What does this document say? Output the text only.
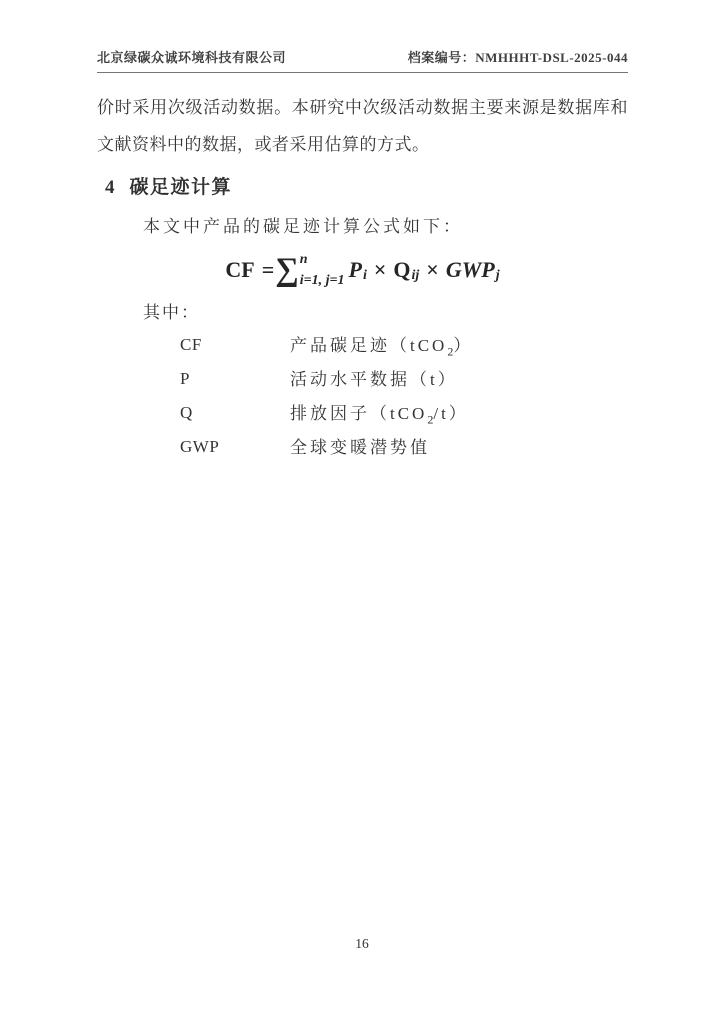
北京绿碳众诚环境科技有限公司	档案编号：NMHHHT-DSL-2025-044

价时采用次级活动数据。本研究中次级活动数据主要来源是数据库和文献资料中的数据，或者采用估算的方式。

4 碳足迹计算

本文中产品的碳足迹计算公式如下：

CF = ∑ n
i=1, j=1 P i × Q ij × GWP j

其中：

CF	产品碳足迹（tCO$_2$）
P	活动水平数据（t）
Q	排放因子（tCO$_2$/t）
GWP	全球变暖潜势值
16
